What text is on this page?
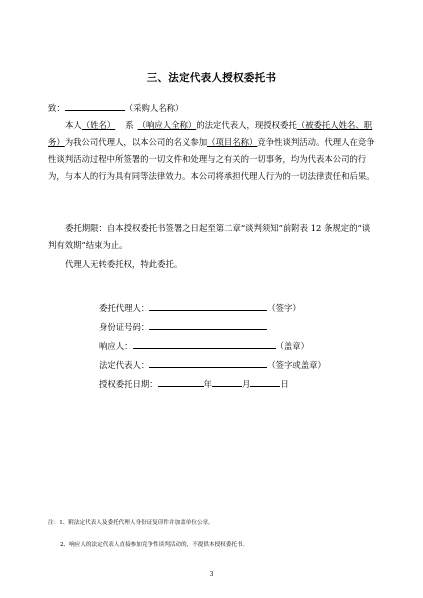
三、法定代表人授权委托书
致：	（采购人名称）
本人（姓名） 系 （响应人全称）的法定代表人，现授权委托（被委托人姓名、职务）为我公司代理人，以本公司的名义参加（项目名称）竞争性谈判活动。代理人在竞争性谈判活动过程中所签署的一切文件和处理与之有关的一切事务，均为代表本公司的行为，与本人的行为具有同等法律效力。本公司将承担代理人行为的一切法律责任和后果。
委托期限：自本授权委托书签署之日起至第二章“谈判须知”前附表 12 条规定的“谈判有效期”结束为止。
代理人无转委托权，特此委托。
委托代理人：	（签字）
身份证号码：
响应人：	（盖章）
法定代表人：	（签字或盖章）
授权委托日期：	年	月	日
注：1、附法定代表人及委托代理人身份证复印件并加盖单位公章。
2、响应人的法定代表人直接参加竞争性谈判活动的，不提供本授权委托书。
3
